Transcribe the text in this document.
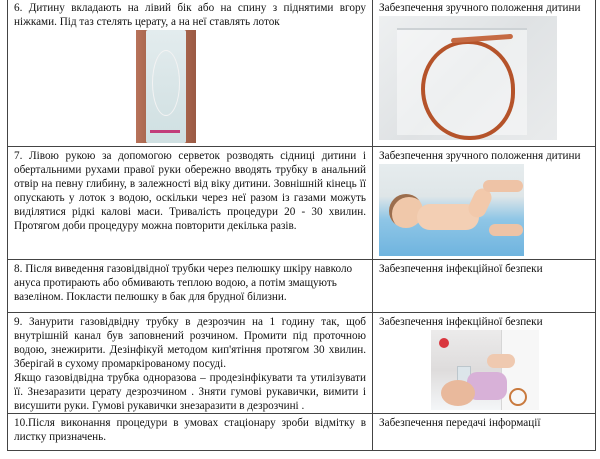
6. Дитину вкладають на лівий бік або на спину з піднятими вгору ніжками. Під таз стелять церату, а на неї ставлять лоток	Забезпечення зручного положення дитини

7. Лівою рукою за допомогою серветок розводять сідниці дитини і обертальними рухами правої руки обережно вводять трубку в анальний отвір на певну глибину, в залежності від віку дитини. Зовнішній кінець її опускають у лоток з водою, оскільки через неї разом із газами можуть виділятися рідкі калові маси. Тривалість процедури 20 - 30 хвилин. Протягом доби процедуру можна повторити декілька разів.	Забезпечення зручного положення дитини

8. Після виведення газовідвідної трубки через пелюшку шкіру навколо ануса протирають або обмивають теплою водою, а потім змащують вазеліном. Покласти пелюшку в бак для брудної білизни.	Забезпечення інфекційної безпеки

9. Занурити газовідвідну трубку в дезрозчин на 1 годину так, щоб внутрішній канал був заповнений розчином. Промити під проточною водою, знежирити. Дезінфікуй методом кип'ятіння протягом 30 хвилин. Зберігай в сухому промаркірованому посуді.
Якщо газовідвідна трубка одноразова – продезінфікувати та утилізувати її. Знезаразити церату дезрозчином . Зняти гумові рукавички, вимити і висушити руки. Гумові рукавички знезаразити в дезрозчині .	Забезпечення інфекційної безпеки

10.Після виконання процедури в умовах стаціонару зроби відмітку в листку призначень.	Забезпечення передачі інформації
